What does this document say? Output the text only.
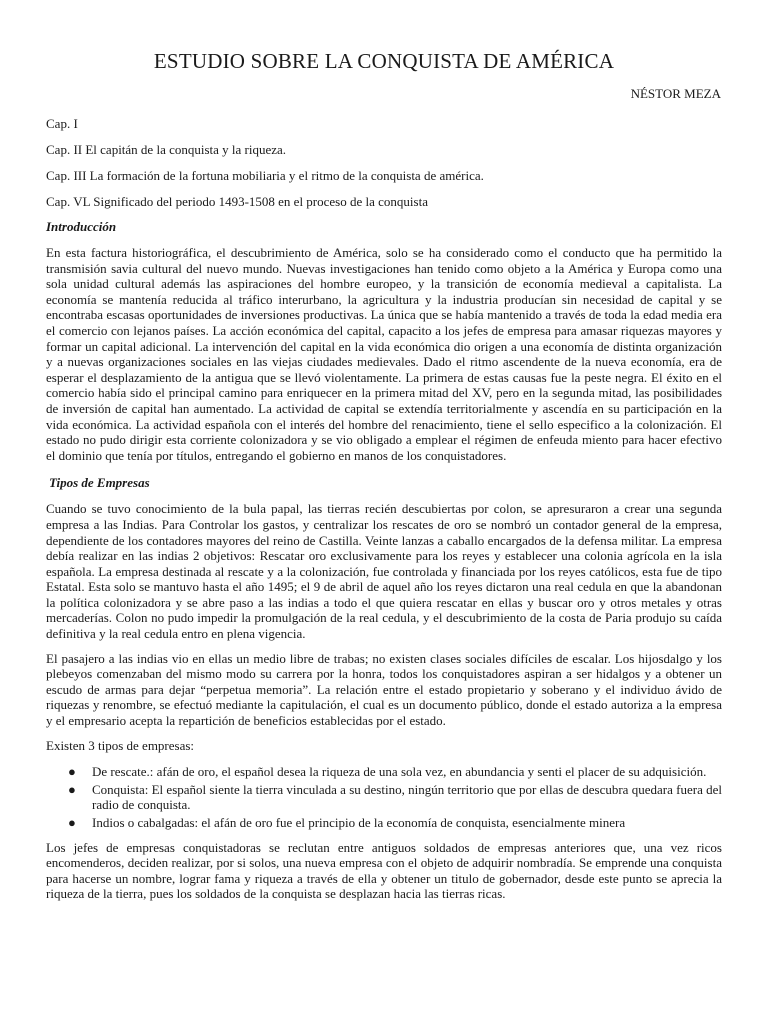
ESTUDIO SOBRE LA CONQUISTA DE AMÉRICA
NÉSTOR MEZA
Cap. I
Cap. II El capitán de la conquista y la riqueza.
Cap. III La formación de la fortuna mobiliaria y el ritmo de la conquista de américa.
Cap. VL Significado del periodo 1493-1508 en el proceso de la conquista
Introducción

En esta factura historiográfica, el descubrimiento de América, solo se ha considerado como el conducto que ha permitido la transmisión savia cultural del nuevo mundo. Nuevas investigaciones han tenido como objeto a la América y Europa como una sola unidad cultural además las aspiraciones del hombre europeo, y la transición de economía medieval a capitalista. La economía se mantenía reducida al tráfico interurbano, la agricultura y la industria producían sin necesidad de capital y se encontraba escasas oportunidades de inversiones productivas. La única que se había mantenido a través de toda la edad media era el comercio con lejanos países. La acción económica del capital, capacito a los jefes de empresa para amasar riquezas mayores y formar un capital adicional. La intervención del capital en la vida económica dio origen a una economía de distinta organización y a nuevas organizaciones sociales en las viejas ciudades medievales. Dado el ritmo ascendente de la nueva economía, era de esperar el desplazamiento de la antigua que se llevó violentamente. La primera de estas causas fue la peste negra. El éxito en el comercio había sido el principal camino para enriquecer en la primera mitad del XV, pero en la segunda mitad, las posibilidades de inversión de capital han aumentado. La actividad de capital se extendía territorialmente y ascendía en su participación en la vida económica. La actividad española con el interés del hombre del renacimiento, tiene el sello especifico a la colonización. El estado no pudo dirigir esta corriente colonizadora y se vio obligado a emplear el régimen de enfeuda miento para hacer efectivo el dominio que tenía por títulos, entregando el gobierno en manos de los conquistadores.

Tipos de Empresas

Cuando se tuvo conocimiento de la bula papal, las tierras recién descubiertas por colon, se apresuraron a crear una segunda empresa a las Indias. Para Controlar los gastos, y centralizar los rescates de oro se nombró un contador general de la empresa, dependiente de los contadores mayores del reino de Castilla. Veinte lanzas a caballo encargados de la defensa militar. La empresa debía realizar en las indias 2 objetivos: Rescatar oro exclusivamente para los reyes y establecer una colonia agrícola en la isla española. La empresa destinada al rescate y a la colonización, fue controlada y financiada por los reyes católicos, esta fue de tipo Estatal. Esta solo se mantuvo hasta el año 1495; el 9 de abril de aquel año los reyes dictaron una real cedula en que la abandonan la política colonizadora y se abre paso a las indias a todo el que quiera rescatar en ellas y buscar oro y otros metales y otras mercaderías. Colon no pudo impedir la promulgación de la real cedula, y el descubrimiento de la costa de Paria produjo su caída definitiva y la real cedula entro en plena vigencia.

El pasajero a las indias vio en ellas un medio libre de trabas; no existen clases sociales difíciles de escalar. Los hijosdalgo y los plebeyos comenzaban del mismo modo su carrera por la honra, todos los conquistadores aspiran a ser hidalgos y a obtener un escudo de armas para dejar “perpetua memoria”. La relación entre el estado propietario y soberano y el individuo ávido de riquezas y renombre, se efectuó mediante la capitulación, el cual es un documento público, donde el estado autoriza a la empresa y el empresario acepta la repartición de beneficios establecidas por el estado.

Existen 3 tipos de empresas:

● De rescate.: afán de oro, el español desea la riqueza de una sola vez, en abundancia y senti el placer de su adquisición.
● Conquista: El español siente la tierra vinculada a su destino, ningún territorio que por ellas de descubra quedara fuera del radio de conquista.
● Indios o cabalgadas: el afán de oro fue el principio de la economía de conquista, esencialmente minera

Los jefes de empresas conquistadoras se reclutan entre antiguos soldados de empresas anteriores que, una vez ricos encomenderos, deciden realizar, por si solos, una nueva empresa con el objeto de adquirir nombradía. Se emprende una conquista para hacerse un nombre, lograr fama y riqueza a través de ella y obtener un titulo de gobernador, desde este punto se aprecia la riqueza de la tierra, pues los soldados de la conquista se desplazan hacia las tierras ricas.
